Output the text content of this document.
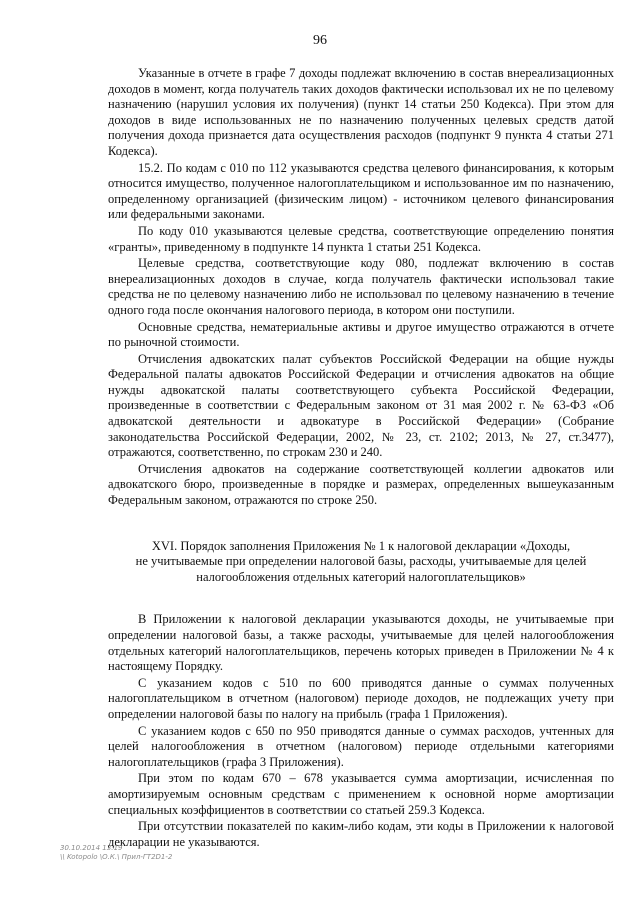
96

Указанные в отчете в графе 7 доходы подлежат включению в состав внереализационных доходов в момент, когда получатель таких доходов фактически использовал их не по целевому назначению (нарушил условия их получения) (пункт 14 статьи 250 Кодекса). При этом для доходов в виде использованных не по назначению полученных целевых средств датой получения дохода признается дата осуществления расходов (подпункт 9 пункта 4 статьи 271 Кодекса).

15.2. По кодам с 010 по 112 указываются средства целевого финансирования, к которым относится имущество, полученное налогоплательщиком и использованное им по назначению, определенному организацией (физическим лицом) - источником целевого финансирования или федеральными законами.

По коду 010 указываются целевые средства, соответствующие определению понятия «гранты», приведенному в подпункте 14 пункта 1 статьи 251 Кодекса.

Целевые средства, соответствующие коду 080, подлежат включению в состав внереализационных доходов в случае, когда получатель фактически использовал такие средства не по целевому назначению либо не использовал по целевому назначению в течение одного года после окончания налогового периода, в котором они поступили.

Основные средства, нематериальные активы и другое имущество отражаются в отчете по рыночной стоимости.

Отчисления адвокатских палат субъектов Российской Федерации на общие нужды Федеральной палаты адвокатов Российской Федерации и отчисления адвокатов на общие нужды адвокатской палаты соответствующего субъекта Российской Федерации, произведенные в соответствии с Федеральным законом от 31 мая 2002 г. № 63-ФЗ «Об адвокатской деятельности и адвокатуре в Российской Федерации» (Собрание законодательства Российской Федерации, 2002, № 23, ст. 2102; 2013, № 27, ст.3477), отражаются, соответственно, по строкам 230 и 240.

Отчисления адвокатов на содержание соответствующей коллегии адвокатов или адвокатского бюро, произведенные в порядке и размерах, определенных вышеуказанным Федеральным законом, отражаются по строке 250.

XVI. Порядок заполнения Приложения № 1 к налоговой декларации «Доходы,
не учитываемые при определении налоговой базы, расходы, учитываемые для целей
налогообложения отдельных категорий налогоплательщиков»

В Приложении к налоговой декларации указываются доходы, не учитываемые при определении налоговой базы, а также расходы, учитываемые для целей налогообложения отдельных категорий налогоплательщиков, перечень которых приведен в Приложении № 4 к настоящему Порядку.

С указанием кодов с 510 по 600 приводятся данные о суммах полученных налогоплательщиком в отчетном (налоговом) периоде доходов, не подлежащих учету при определении налоговой базы по налогу на прибыль (графа 1 Приложения).

С указанием кодов с 650 по 950 приводятся данные о суммах расходов, учтенных для целей налогообложения в отчетном (налоговом) периоде отдельными категориями налогоплательщиков (графа 3 Приложения).

При этом по кодам 670 – 678 указывается сумма амортизации, исчисленная по амортизируемым основным средствам с применением к основной норме амортизации специальных коэффициентов в соответствии со статьей 259.3 Кодекса.

При отсутствии показателей по каким-либо кодам, эти коды в Приложении к налоговой декларации не указываются.

30.10.2014 13:19
\\ Kotopolo \О.К.\ Прил-ГТ2D1-2
